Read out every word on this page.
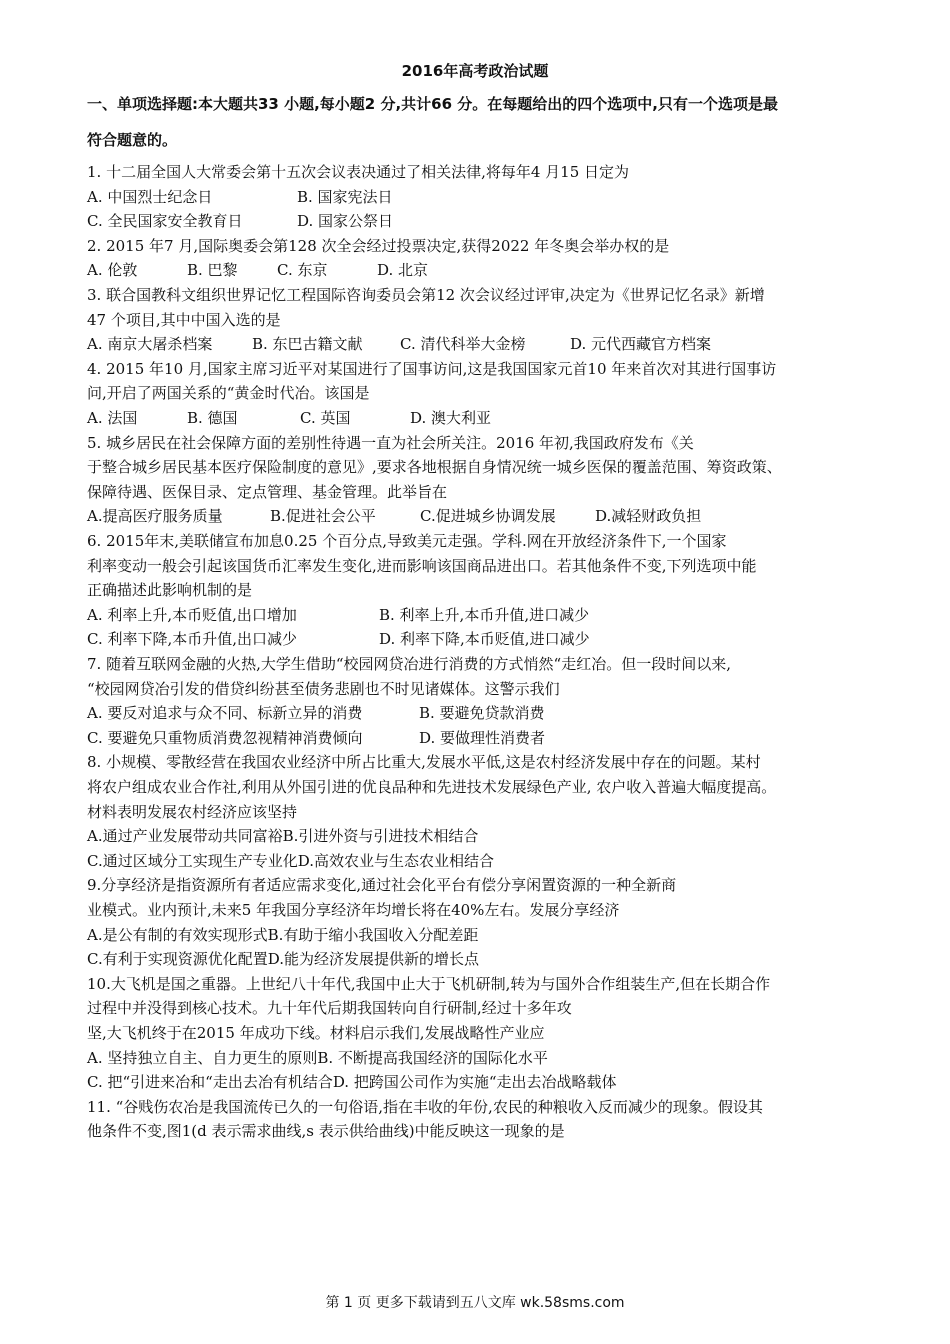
2016年高考政治试题
一、单项选择题:本大题共33 小题,每小题2 分,共计66 分。在每题给出的四个选项中,只有一个选项是最
符合题意的。
1. 十二届全国人大常委会第十五次会议表决通过了相关法律,将每年4 月15 日定为
A. 中国烈士纪念日	B. 国家宪法日
C. 全民国家安全教育日	D. 国家公祭日
2. 2015 年7 月,国际奥委会第128 次全会经过投票决定,获得2022 年冬奥会举办权的是
A. 伦敦	B. 巴黎	C. 东京	D. 北京
3. 联合国教科文组织世界记忆工程国际咨询委员会第12 次会议经过评审,决定为《世界记忆名录》新增
47 个项目,其中中国入选的是
A. 南京大屠杀档案	B. 东巴古籍文献 C. 清代科举大金榜	D. 元代西藏官方档案
4. 2015 年10 月,国家主席习近平对某国进行了国事访问,这是我国国家元首10 年来首次对其进行国事访
问,开启了两国关系的“黄金时代冶。该国是
A. 法国	B. 德国	C. 英国	D. 澳大利亚
5. 城乡居民在社会保障方面的差别性待遇一直为社会所关注。2016 年初,我国政府发布《关
于整合城乡居民基本医疗保险制度的意见》,要求各地根据自身情况统一城乡医保的覆盖范围、筹资政策、
保障待遇、医保目录、定点管理、基金管理。此举旨在
A.提高医疗服务质量	B.促进社会公平	C.促进城乡协调发展	D.减轻财政负担
6. 2015年末,美联储宣布加息0.25 个百分点,导致美元走强。学科.网在开放经济条件下,一个国家
利率变动一般会引起该国货币汇率发生变化,进而影响该国商品进出口。若其他条件不变,下列选项中能
正确描述此影响机制的是
A. 利率上升,本币贬值,出口增加	B. 利率上升,本币升值,进口减少
C. 利率下降,本币升值,出口减少	D. 利率下降,本币贬值,进口减少
7. 随着互联网金融的火热,大学生借助“校园网贷冶进行消费的方式悄然“走红冶。但一段时间以来,
“校园网贷冶引发的借贷纠纷甚至债务悲剧也不时见诸媒体。这警示我们
A. 要反对追求与众不同、标新立异的消费	B. 要避免贷款消费
C. 要避免只重物质消费忽视精神消费倾向	D. 要做理性消费者
8. 小规模、零散经营在我国农业经济中所占比重大,发展水平低,这是农村经济发展中存在的问题。某村
将农户组成农业合作社,利用从外国引进的优良品种和先进技术发展绿色产业, 农户收入普遍大幅度提高。
材料表明发展农村经济应该坚持
A.通过产业发展带动共同富裕B.引进外资与引进技术相结合
C.通过区域分工实现生产专业化D.高效农业与生态农业相结合
9.分享经济是指资源所有者适应需求变化,通过社会化平台有偿分享闲置资源的一种全新商
业模式。业内预计,未来5 年我国分享经济年均增长将在40%左右。发展分享经济
A.是公有制的有效实现形式B.有助于缩小我国收入分配差距
C.有利于实现资源优化配置D.能为经济发展提供新的增长点
10.大飞机是国之重器。上世纪八十年代,我国中止大于飞机研制,转为与国外合作组装生产,但在长期合作
过程中并没得到核心技术。九十年代后期我国转向自行研制,经过十多年攻
坚,大飞机终于在2015 年成功下线。材料启示我们,发展战略性产业应
A. 坚持独立自主、自力更生的原则B. 不断提高我国经济的国际化水平
C. 把“引进来冶和“走出去冶有机结合D. 把跨国公司作为实施“走出去冶战略载体
11. “谷贱伤农冶是我国流传已久的一句俗语,指在丰收的年份,农民的种粮收入反而减少的现象。假设其
他条件不变,图1(d 表示需求曲线,s 表示供给曲线)中能反映这一现象的是
第 1 页 更多下载请到五八文库 wk.58sms.com
